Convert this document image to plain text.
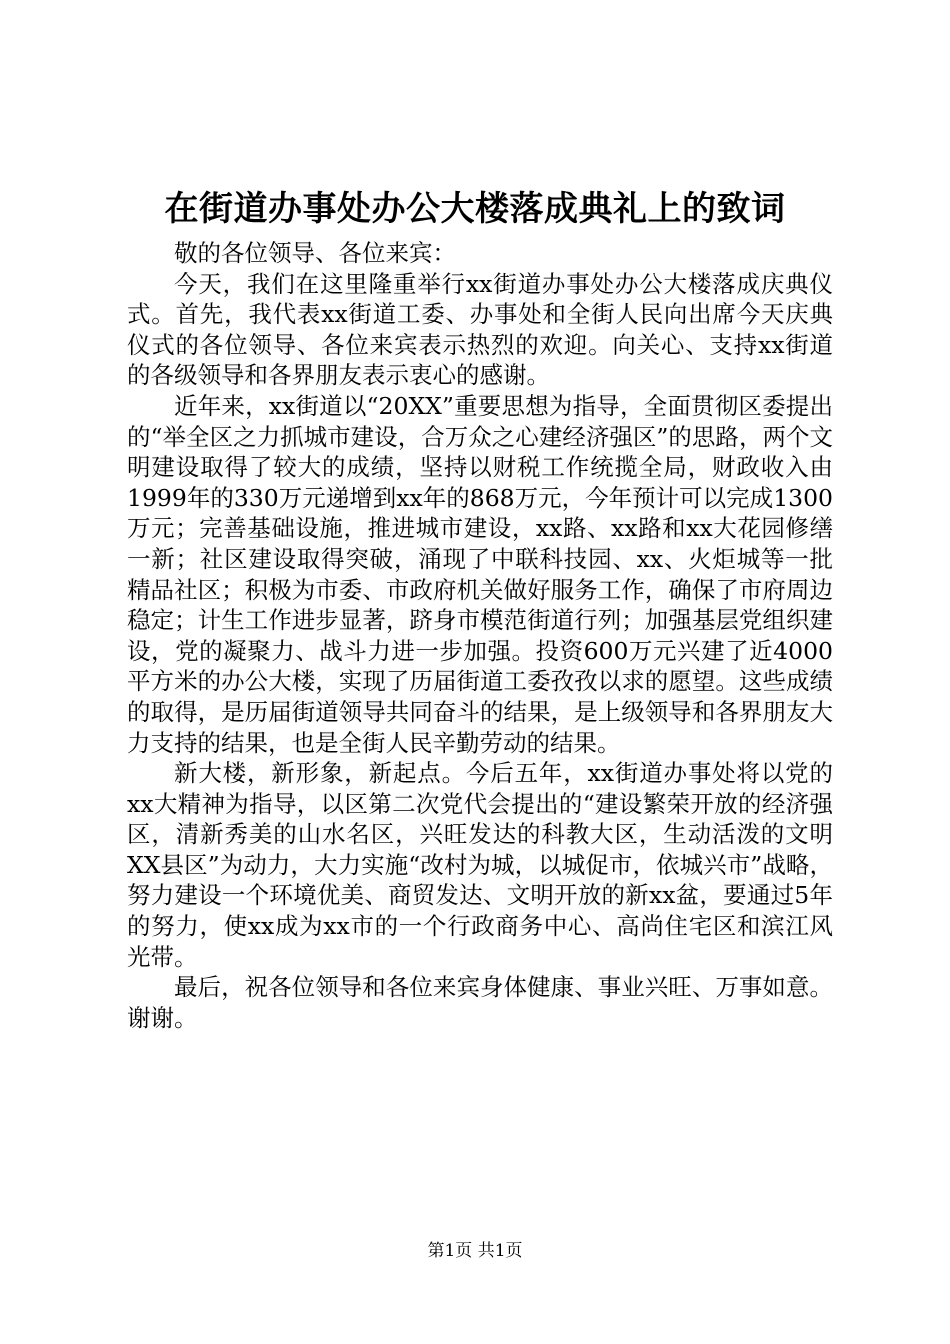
在街道办事处办公大楼落成典礼上的致词

敬的各位领导、各位来宾：

今天，我们在这里隆重举行xx街道办事处办公大楼落成庆典仪式。首先，我代表xx街道工委、办事处和全街人民向出席今天庆典仪式的各位领导、各位来宾表示热烈的欢迎。向关心、支持xx街道的各级领导和各界朋友表示衷心的感谢。

近年来，xx街道以“20XX”重要思想为指导，全面贯彻区委提出的“举全区之力抓城市建设，合万众之心建经济强区”的思路，两个文明建设取得了较大的成绩，坚持以财税工作统揽全局，财政收入由1999年的330万元递增到xx年的868万元，今年预计可以完成1300万元；完善基础设施，推进城市建设，xx路、xx路和xx大花园修缮一新；社区建设取得突破，涌现了中联科技园、xx、火炬城等一批精品社区；积极为市委、市政府机关做好服务工作，确保了市府周边稳定；计生工作进步显著，跻身市模范街道行列；加强基层党组织建设，党的凝聚力、战斗力进一步加强。投资600万元兴建了近4000平方米的办公大楼，实现了历届街道工委孜孜以求的愿望。这些成绩的取得，是历届街道领导共同奋斗的结果，是上级领导和各界朋友大力支持的结果，也是全街人民辛勤劳动的结果。

新大楼，新形象，新起点。今后五年，xx街道办事处将以党的xx大精神为指导，以区第二次党代会提出的“建设繁荣开放的经济强区，清新秀美的山水名区，兴旺发达的科教大区，生动活泼的文明XX县区”为动力，大力实施“改村为城，以城促市，依城兴市”战略，努力建设一个环境优美、商贸发达、文明开放的新xx盆，要通过5年的努力，使xx成为xx市的一个行政商务中心、高尚住宅区和滨江风光带。

最后，祝各位领导和各位来宾身体健康、事业兴旺、万事如意。谢谢。

第1页 共1页
